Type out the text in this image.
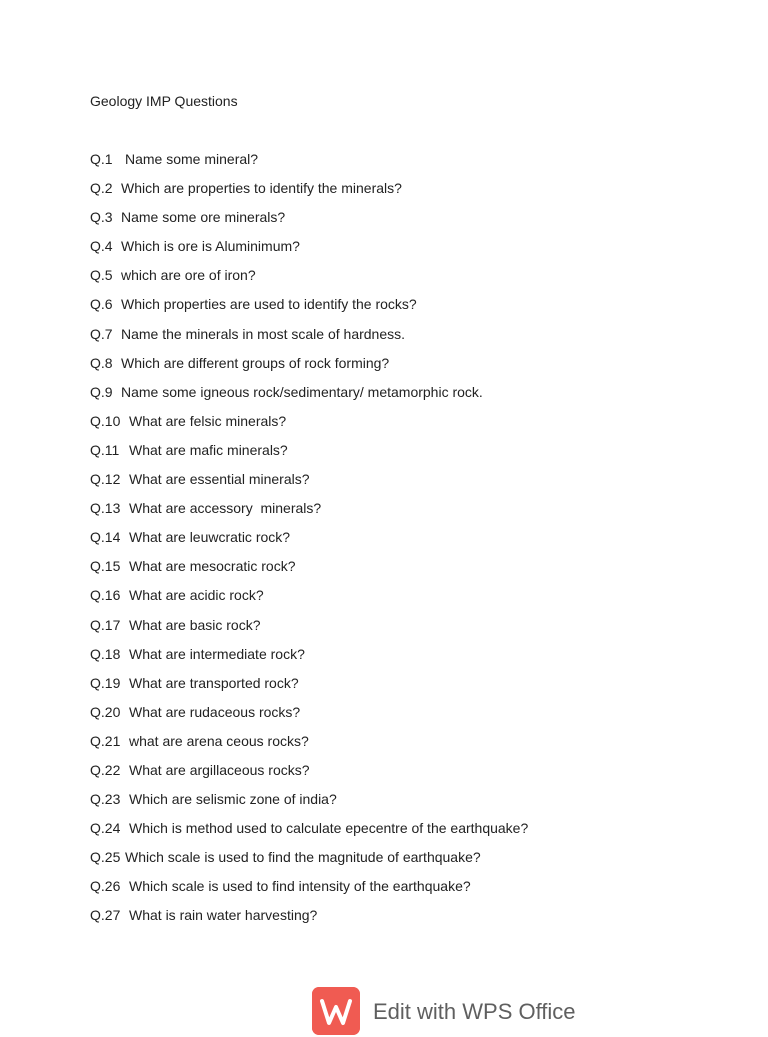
Geology IMP Questions
Q.1 Name some mineral?
Q.2 Which are properties to identify the minerals?
Q.3 Name some ore minerals?
Q.4 Which is ore is Aluminimum?
Q.5 which are ore of iron?
Q.6 Which properties are used to identify the rocks?
Q.7 Name the minerals in most scale of hardness.
Q.8 Which are different groups of rock forming?
Q.9 Name some igneous rock/sedimentary/ metamorphic rock.
Q.10 What are felsic minerals?
Q.11 What are mafic minerals?
Q.12 What are essential minerals?
Q.13 What are accessory  minerals?
Q.14 What are leuwcratic rock?
Q.15 What are mesocratic rock?
Q.16 What are acidic rock?
Q.17 What are basic rock?
Q.18 What are intermediate rock?
Q.19 What are transported rock?
Q.20 What are rudaceous rocks?
Q.21 what are arena ceous rocks?
Q.22 What are argillaceous rocks?
Q.23 Which are selismic zone of india?
Q.24 Which is method used to calculate epecentre of the earthquake?
Q.25 Which scale is used to find the magnitude of earthquake?
Q.26 Which scale is used to find intensity of the earthquake?
Q.27 What is rain water harvesting?
Edit with WPS Office
